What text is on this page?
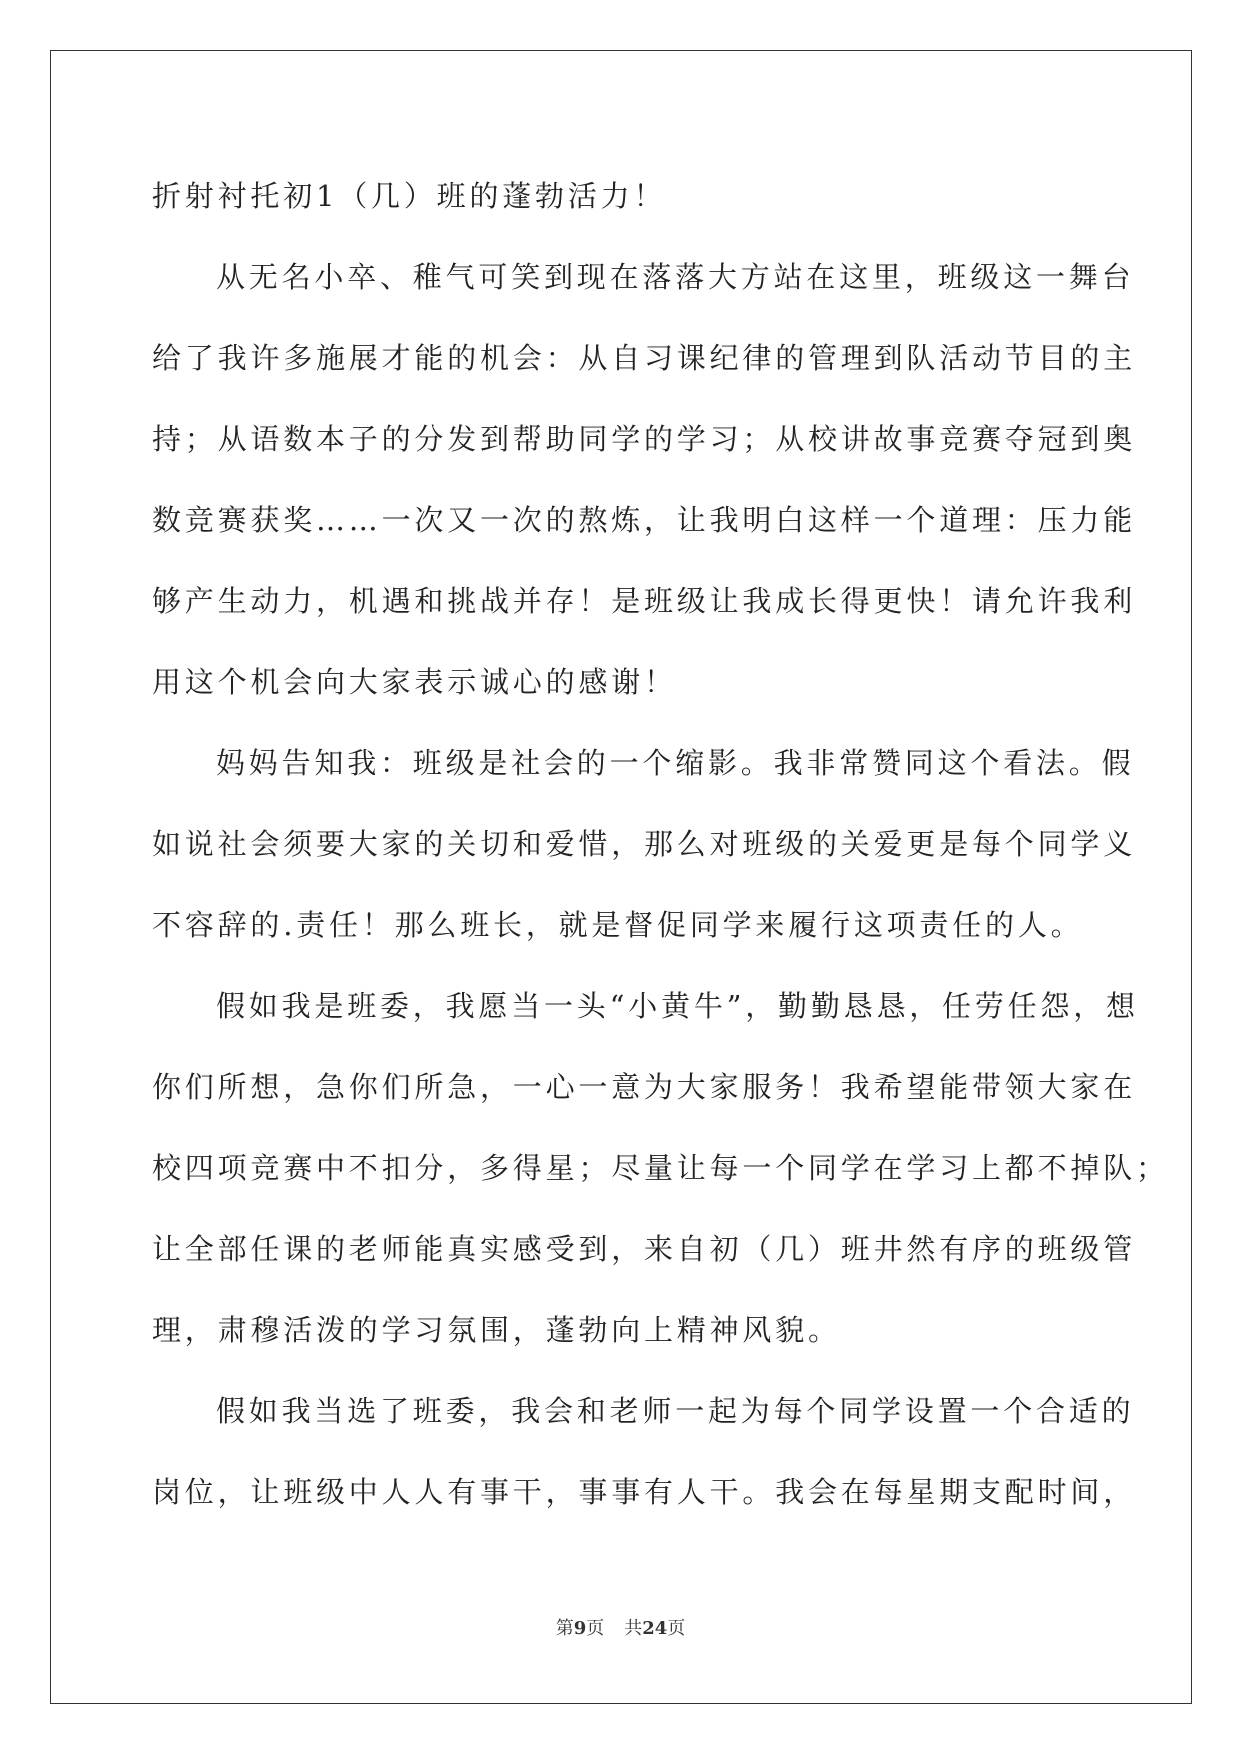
折射衬托初1（几）班的蓬勃活力！
从无名小卒、稚气可笑到现在落落大方站在这里，班级这一舞台
给了我许多施展才能的机会：从自习课纪律的管理到队活动节目的主
持；从语数本子的分发到帮助同学的学习；从校讲故事竞赛夺冠到奥
数竞赛获奖……一次又一次的熬炼，让我明白这样一个道理：压力能
够产生动力，机遇和挑战并存！是班级让我成长得更快！请允许我利
用这个机会向大家表示诚心的感谢！
妈妈告知我：班级是社会的一个缩影。我非常赞同这个看法。假
如说社会须要大家的关切和爱惜，那么对班级的关爱更是每个同学义
不容辞的.责任！那么班长，就是督促同学来履行这项责任的人。
假如我是班委，我愿当一头“小黄牛”，勤勤恳恳，任劳任怨，想
你们所想，急你们所急，一心一意为大家服务！我希望能带领大家在
校四项竞赛中不扣分，多得星；尽量让每一个同学在学习上都不掉队；
让全部任课的老师能真实感受到，来自初（几）班井然有序的班级管
理，肃穆活泼的学习氛围，蓬勃向上精神风貌。
假如我当选了班委，我会和老师一起为每个同学设置一个合适的
岗位，让班级中人人有事干，事事有人干。我会在每星期支配时间，
第9页 共24页
